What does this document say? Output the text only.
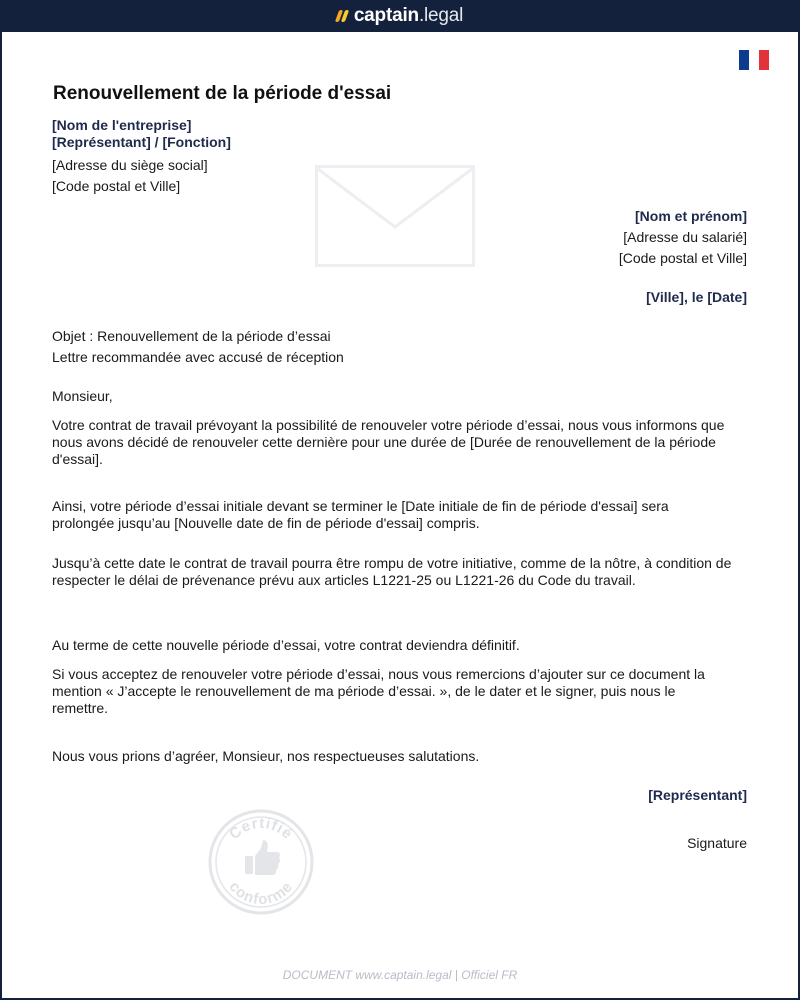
captain.legal
Renouvellement de la période d'essai
[Nom de l'entreprise]
[Représentant] / [Fonction]
[Adresse du siège social]
[Code postal et Ville]
[Nom et prénom]
[Adresse du salarié]
[Code postal et Ville]
[Ville], le [Date]
Objet : Renouvellement de la période d’essai
Lettre recommandée avec accusé de réception
Monsieur,
Votre contrat de travail prévoyant la possibilité de renouveler votre période d’essai, nous vous informons que nous avons décidé de renouveler cette dernière pour une durée de [Durée de renouvellement de la période d'essai].
Ainsi, votre période d’essai initiale devant se terminer le [Date initiale de fin de période d'essai] sera prolongée jusqu’au [Nouvelle date de fin de période d'essai] compris.
Jusqu’à cette date le contrat de travail pourra être rompu de votre initiative, comme de la nôtre, à condition de respecter le délai de prévenance prévu aux articles L1221-25 ou L1221-26 du Code du travail.
Au terme de cette nouvelle période d’essai, votre contrat deviendra définitif.
Si vous acceptez de renouveler votre période d’essai, nous vous remercions d’ajouter sur ce document la mention « J’accepte le renouvellement de ma période d’essai. », de le dater et le signer, puis nous le remettre.
Nous vous prions d’agréer, Monsieur, nos respectueuses salutations.
[Représentant]
Signature
Certifié
conforme
DOCUMENT www.captain.legal | Officiel FR
